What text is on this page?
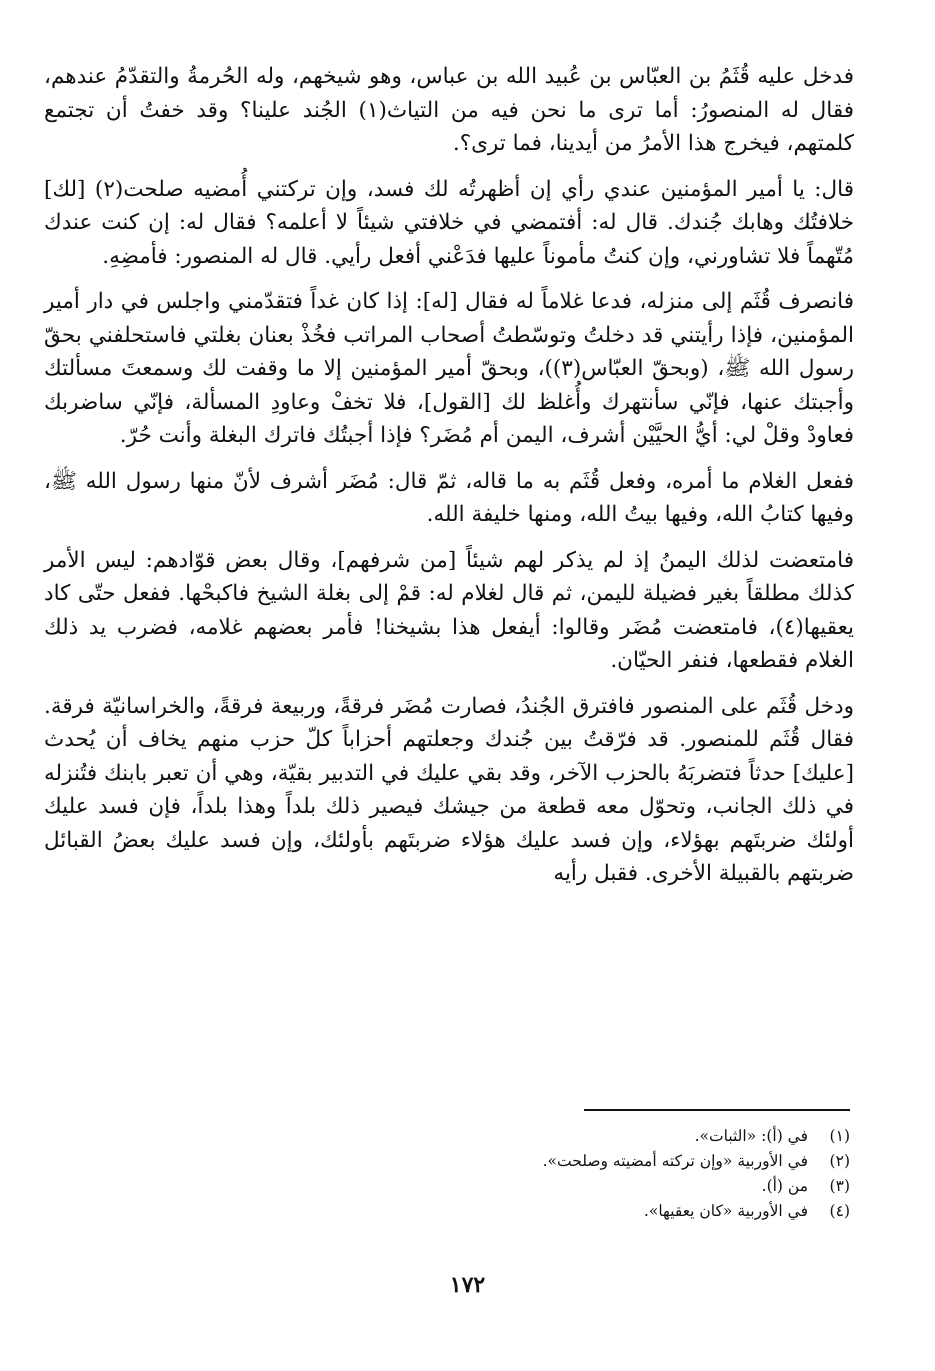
فدخل عليه قُثَمُ بن العبّاس بن عُبيد الله بن عباس، وهو شيخهم، وله الحُرمةُ والتقدّمُ عندهم، فقال له المنصورُ: أما ترى ما نحن فيه من التياث(١) الجُند علينا؟ وقد خفتُ أن تجتمع كلمتهم، فيخرج هذا الأمرُ من أيدينا، فما ترى؟.

قال: يا أمير المؤمنين عندي رأي إن أظهرتُه لك فسد، وإن تركتني أُمضيه صلحت(٢) [لك] خلافتُك وهابك جُندك. قال له: أفتمضي في خلافتي شيئاً لا أعلمه؟ فقال له: إن كنت عندك مُتّهماً فلا تشاورني، وإن كنتُ مأموناً عليها فدَعْني أفعل رأيي. قال له المنصور: فأمضِهِ.

فانصرف قُثَم إلى منزله، فدعا غلاماً له فقال [له]: إذا كان غداً فتقدّمني واجلس في دار أمير المؤمنين، فإذا رأيتني قد دخلتُ وتوسّطتُ أصحاب المراتب فخُذْ بعنان بغلتي فاستحلفني بحقّ رسول الله ﷺ، (وبحقّ العبّاس(٣))، وبحقّ أمير المؤمنين إلا ما وقفت لك وسمعتَ مسألتك وأجبتك عنها، فإنّي سأنتهرك وأُغلظ لك [القول]، فلا تخفْ وعاودِ المسألة، فإنّي ساضربك فعاودْ وقلْ لي: أيُّ الحيَّيْن أشرف، اليمن أم مُضَر؟ فإذا أجبتُك فاترك البغلة وأنت حُرّ.

ففعل الغلام ما أمره، وفعل قُثَم به ما قاله، ثمّ قال: مُضَر أشرف لأنّ منها رسول الله ﷺ، وفيها كتابُ الله، وفيها بيتُ الله، ومنها خليفة الله.

فامتعضت لذلك اليمنُ إذ لم يذكر لهم شيئاً [من شرفهم]، وقال بعض قوّادهم: ليس الأمر كذلك مطلقاً بغير فضيلة لليمن، ثم قال لغلام له: قمْ إلى بغلة الشيخ فاكبحْها. ففعل حتّى كاد يعقيها(٤)، فامتعضت مُضَر وقالوا: أيفعل هذا بشيخنا! فأمر بعضهم غلامه، فضرب يد ذلك الغلام فقطعها، فنفر الحيّان.

ودخل قُثَم على المنصور فافترق الجُندُ، فصارت مُضَر فرقةً، وربيعة فرقةً، والخراسانيّة فرقة. فقال قُثَم للمنصور. قد فرّقتُ بين جُندك وجعلتهم أحزاباً كلّ حزب منهم يخاف أن يُحدث [عليك] حدثاً فتضربَهُ بالحزب الآخر، وقد بقي عليك في التدبير بقيّة، وهي أن تعبر بابنك فتُنزله في ذلك الجانب، وتحوّل معه قطعة من جيشك فيصير ذلك بلداً وهذا بلداً، فإن فسد عليك أولئك ضربتَهم بهؤلاء، وإن فسد عليك هؤلاء ضربتَهم بأولئك، وإن فسد عليك بعضُ القبائل ضربتهم بالقبيلة الأخرى. فقبل رأيه

(١)
في (أ): «الثبات».
(٢)
في الأوربية «وإن تركته أمضيته وصلحت».
(٣)
من (أ).
(٤)
في الأوربية «كان يعقيها».
١٧٢
